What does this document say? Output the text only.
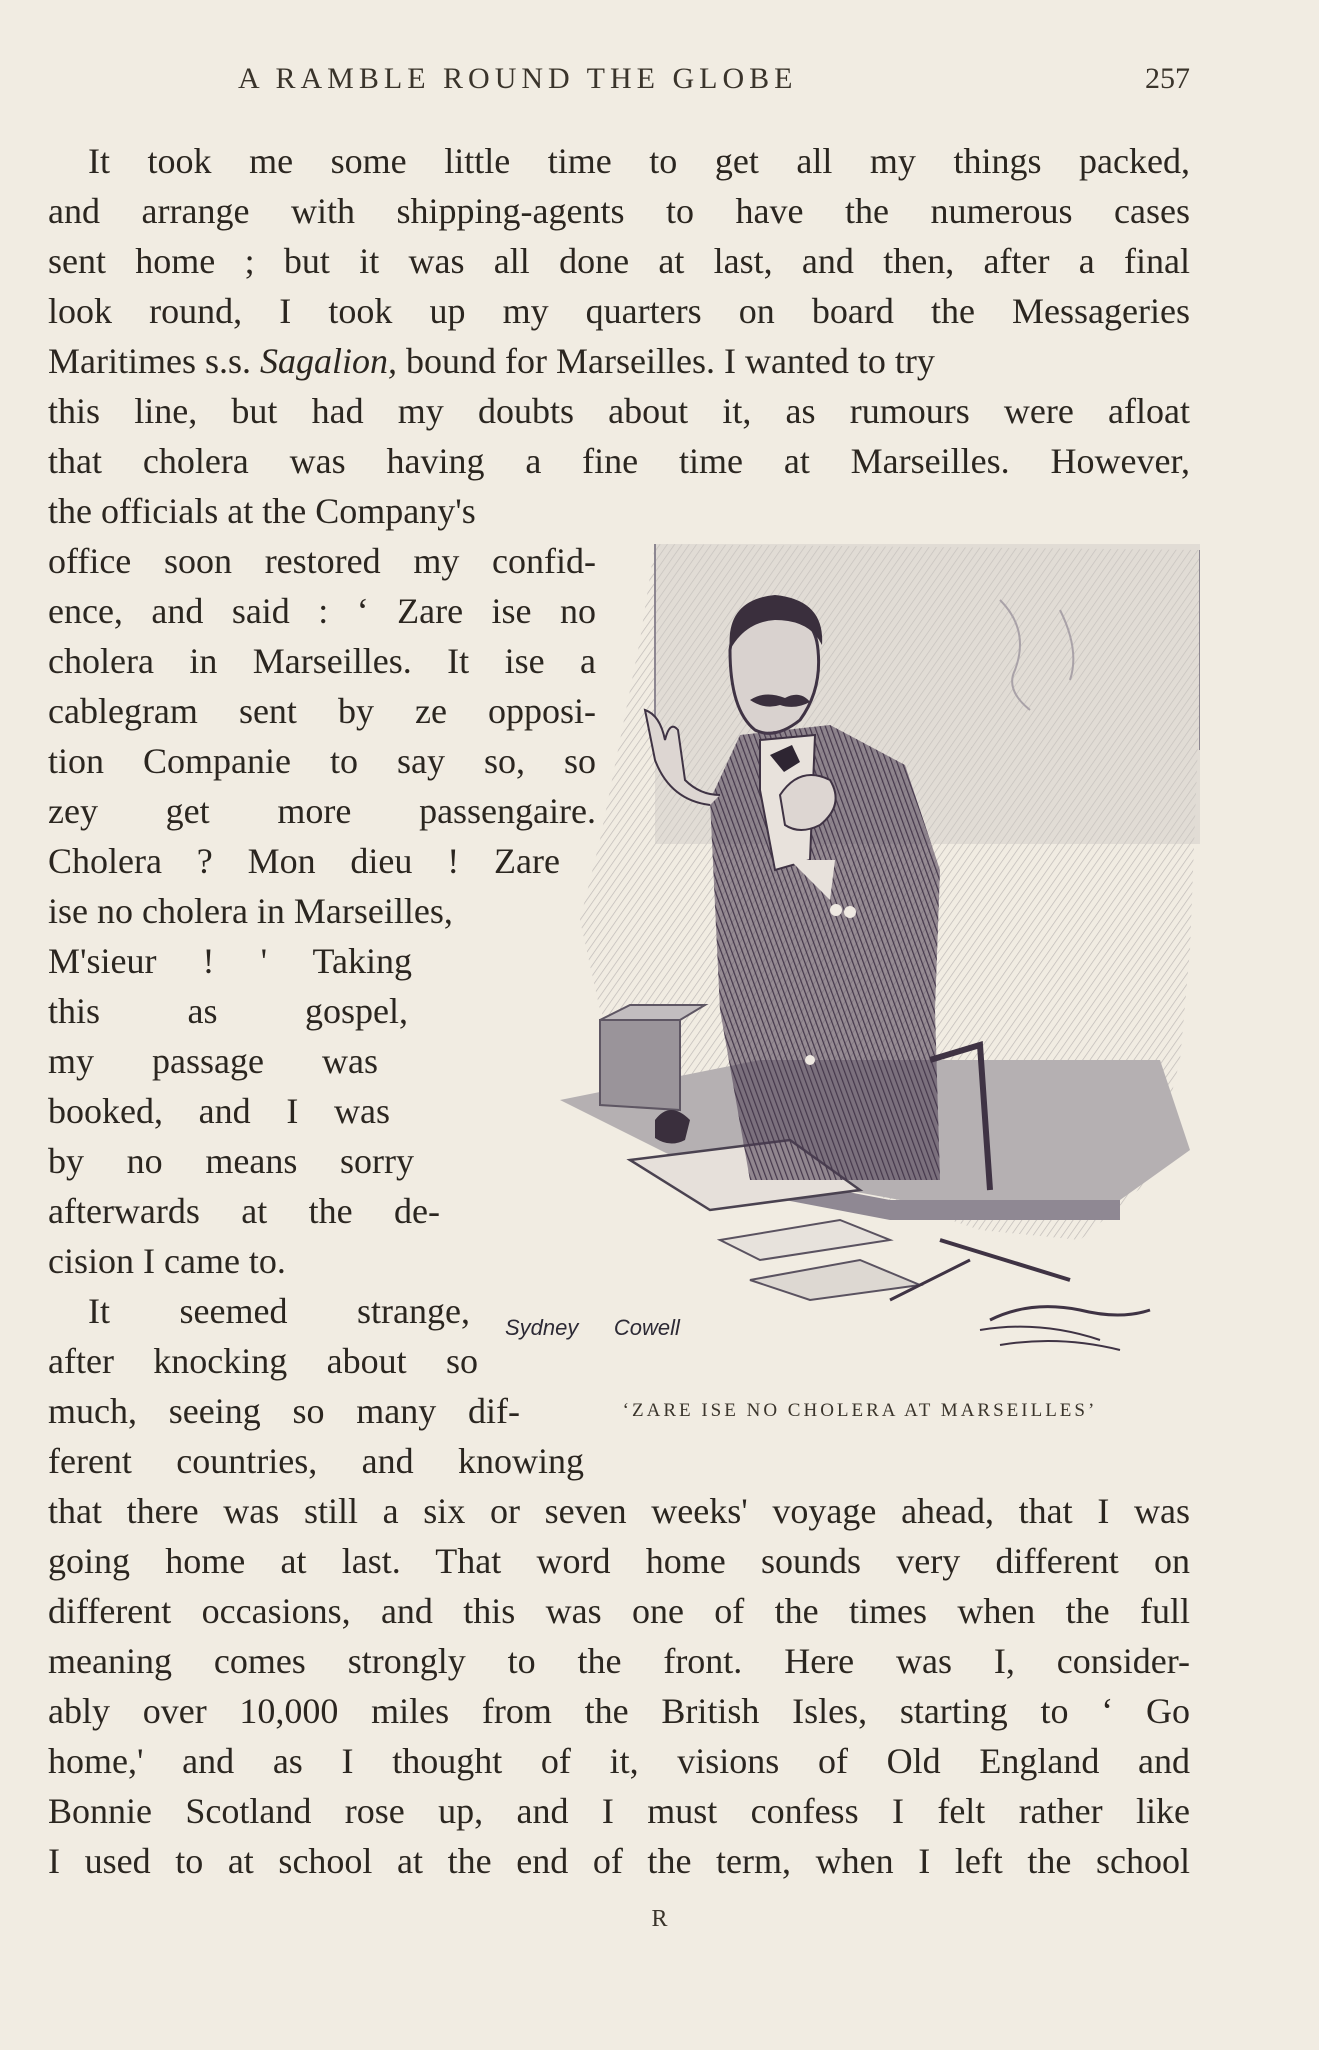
A RAMBLE ROUND THE GLOBE	257
It took me some little time to get all my things packed,
and arrange with shipping-agents to have the numerous cases
sent home ; but it was all done at last, and then, after a final
look round, I took up my quarters on board the Messageries
Maritimes s.s. Sagalion, bound for Marseilles. I wanted to try
this line, but had my doubts about it, as rumours were afloat
that cholera was having a fine time at Marseilles. However,
the officials at the Company's
office soon restored my confid-
ence, and said : ‘ Zare ise no
cholera in Marseilles. It ise a
cablegram sent by ze opposi-
tion Companie to say so, so
zey get more passengaire.
Cholera ? Mon dieu ! Zare
ise no cholera in Marseilles,
M'sieur ! ' Taking
this as gospel,
my passage was
booked, and I was
by no means sorry
afterwards at the de-
cision I came to.
It seemed strange,
after knocking about so
much, seeing so many dif-
ferent countries, and knowing
that there was still a six or seven weeks' voyage ahead, that I was
going home at last. That word home sounds very different on
different occasions, and this was one of the times when the full
meaning comes strongly to the front. Here was I, consider-
ably over 10,000 miles from the British Isles, starting to ‘ Go
home,' and as I thought of it, visions of Old England and
Bonnie Scotland rose up, and I must confess I felt rather like
I used to at school at the end of the term, when I left the school
Sydney Cowell
‘ZARE ISE NO CHOLERA AT MARSEILLES’
R
